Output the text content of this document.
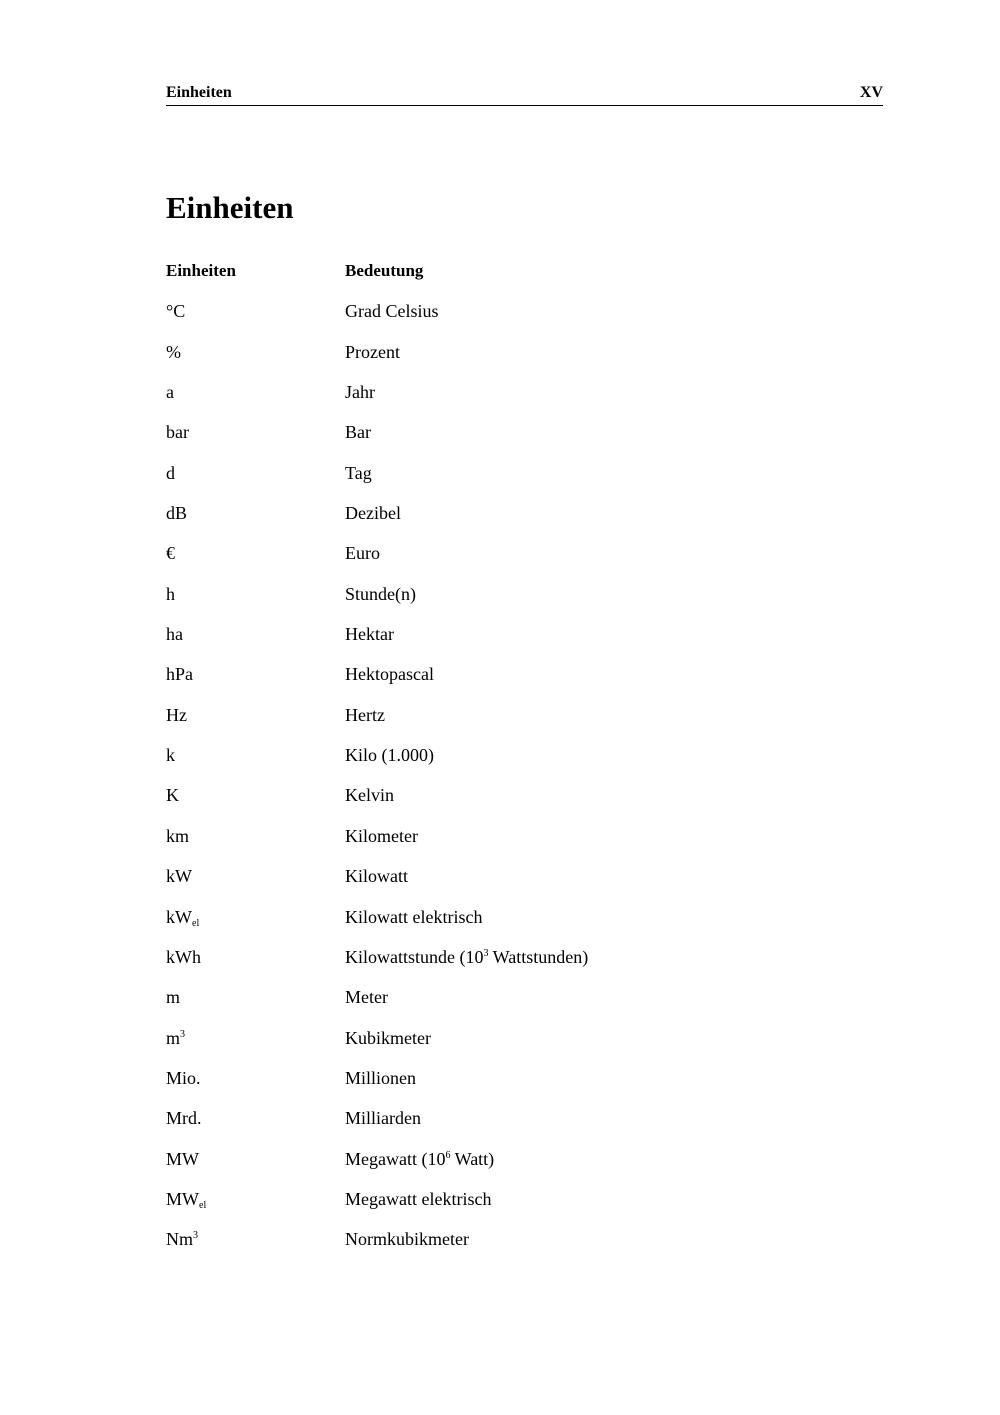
Einheiten	XV
Einheiten
Einheiten	Bedeutung
°C	Grad Celsius
%	Prozent
a	Jahr
bar	Bar
d	Tag
dB	Dezibel
€	Euro
h	Stunde(n)
ha	Hektar
hPa	Hektopascal
Hz	Hertz
k	Kilo (1.000)
K	Kelvin
km	Kilometer
kW	Kilowatt
$kW_{el}$	Kilowatt elektrisch
kWh	Kilowattstunde ($10^3$ Wattstunden)
m	Meter
$m^3$	Kubikmeter
Mio.	Millionen
Mrd.	Milliarden
MW	Megawatt ($10^6$ Watt)
$MW_{el}$	Megawatt elektrisch
Nm$^3$	Normkubikmeter
